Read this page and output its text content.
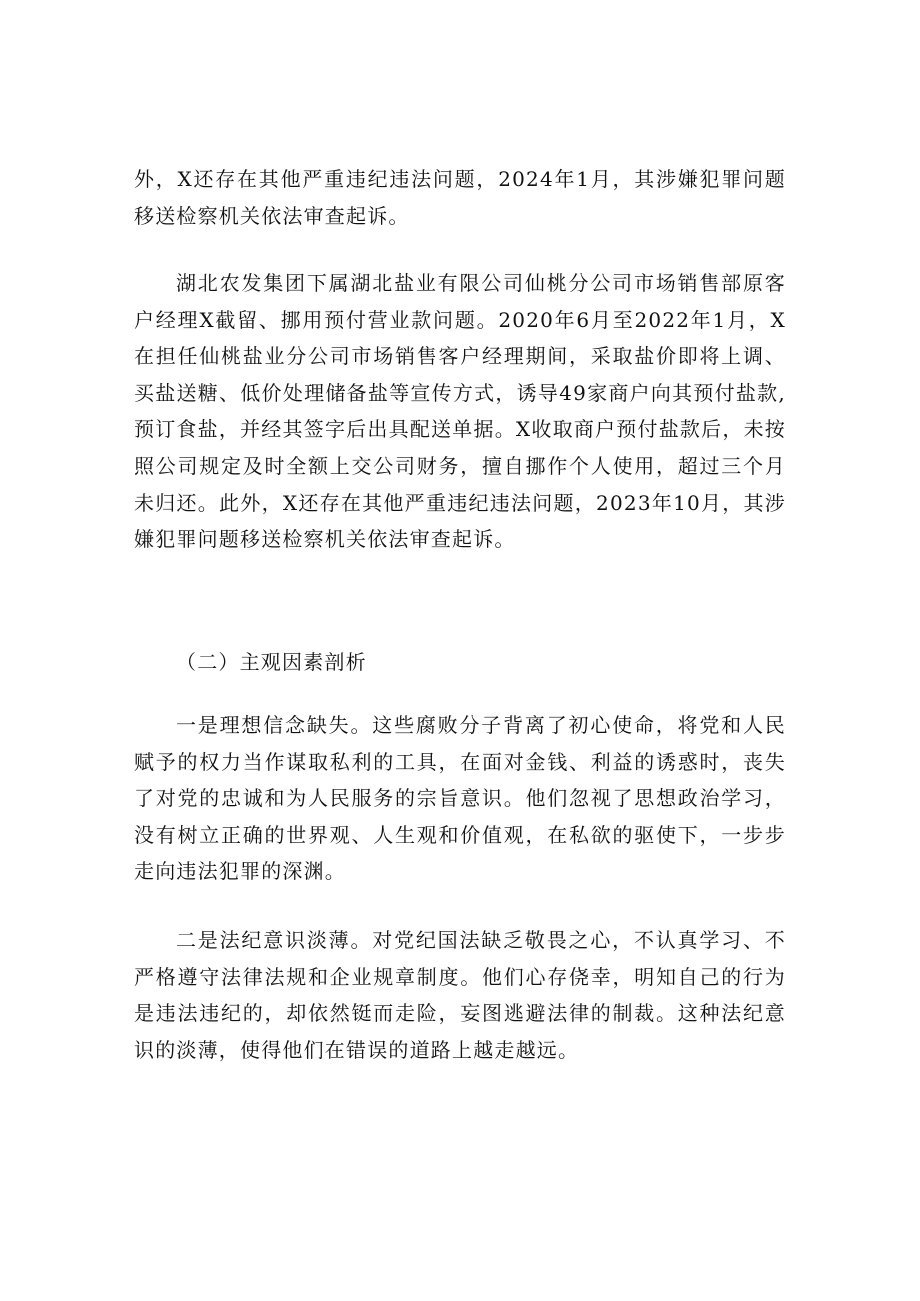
外，X还存在其他严重违纪违法问题，2024年1月，其涉嫌犯罪问题移送检察机关依法审查起诉。

湖北农发集团下属湖北盐业有限公司仙桃分公司市场销售部原客户经理X截留、挪用预付营业款问题。2020年6月至2022年1月，X在担任仙桃盐业分公司市场销售客户经理期间，采取盐价即将上调、买盐送糖、低价处理储备盐等宣传方式，诱导49家商户向其预付盐款,预订食盐，并经其签字后出具配送单据。X收取商户预付盐款后，未按照公司规定及时全额上交公司财务，擅自挪作个人使用，超过三个月未归还。此外，X还存在其他严重违纪违法问题，2023年10月，其涉嫌犯罪问题移送检察机关依法审查起诉。

（二）主观因素剖析

一是理想信念缺失。这些腐败分子背离了初心使命，将党和人民赋予的权力当作谋取私利的工具，在面对金钱、利益的诱惑时，丧失了对党的忠诚和为人民服务的宗旨意识。他们忽视了思想政治学习，没有树立正确的世界观、人生观和价值观，在私欲的驱使下，一步步走向违法犯罪的深渊。

二是法纪意识淡薄。对党纪国法缺乏敬畏之心，不认真学习、不严格遵守法律法规和企业规章制度。他们心存侥幸，明知自己的行为是违法违纪的，却依然铤而走险，妄图逃避法律的制裁。这种法纪意识的淡薄，使得他们在错误的道路上越走越远。
